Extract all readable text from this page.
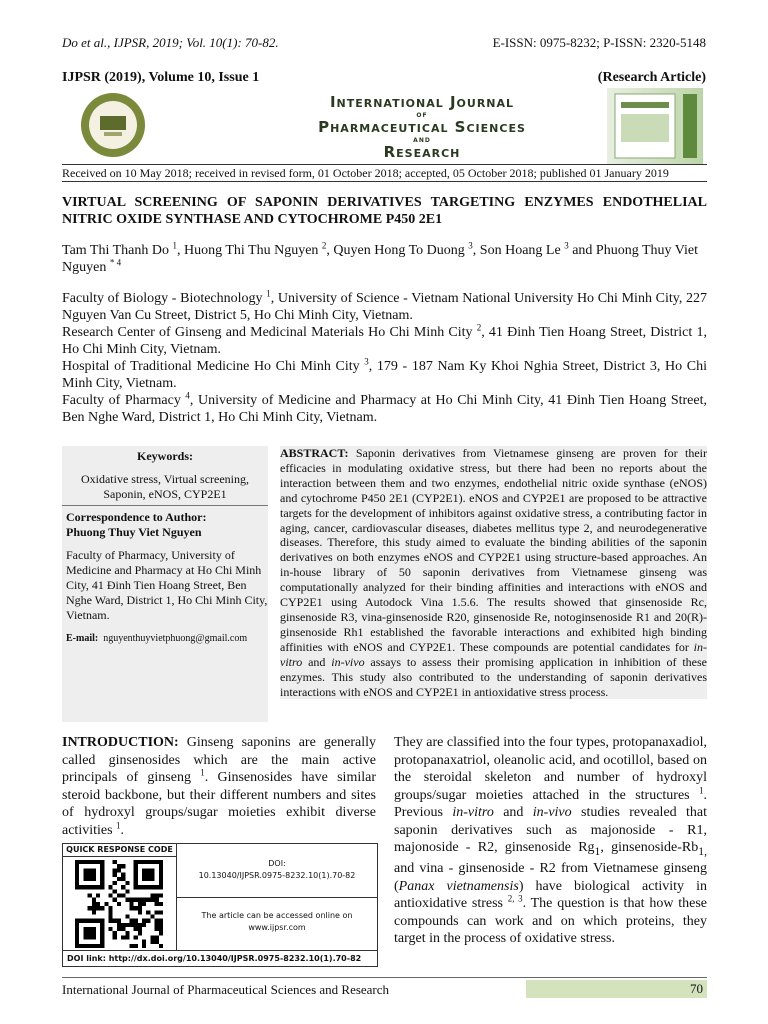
Do et al., IJPSR, 2019; Vol. 10(1): 70-82.	E-ISSN: 0975-8232; P-ISSN: 2320-5148
IJPSR (2019), Volume 10, Issue 1	(Research Article)
International Journal
of
Pharmaceutical Sciences
and
Research
Received on 10 May 2018; received in revised form, 01 October 2018; accepted, 05 October 2018; published 01 January 2019
VIRTUAL SCREENING OF SAPONIN DERIVATIVES TARGETING ENZYMES ENDOTHELIAL NITRIC OXIDE SYNTHASE AND CYTOCHROME P450 2E1
Tam Thi Thanh Do $^1$, Huong Thi Thu Nguyen $^2$, Quyen Hong To Duong $^3$, Son Hoang Le $^3$ and Phuong Thuy Viet Nguyen $^{* 4}$

Faculty of Biology - Biotechnology $^1$, University of Science - Vietnam National University Ho Chi Minh City, 227 Nguyen Van Cu Street, District 5, Ho Chi Minh City, Vietnam.

Research Center of Ginseng and Medicinal Materials Ho Chi Minh City $^2$, 41 Đinh Tien Hoang Street, District 1, Ho Chi Minh City, Vietnam.

Hospital of Traditional Medicine Ho Chi Minh City $^3$, 179 - 187 Nam Ky Khoi Nghia Street, District 3, Ho Chi Minh City, Vietnam.

Faculty of Pharmacy $^4$, University of Medicine and Pharmacy at Ho Chi Minh City, 41 Đinh Tien Hoang Street, Ben Nghe Ward, District 1, Ho Chi Minh City, Vietnam.

Keywords:
Oxidative stress, Virtual screening, Saponin, eNOS, CYP2E1
Correspondence to Author:
Phuong Thuy Viet Nguyen
Faculty of Pharmacy, University of Medicine and Pharmacy at Ho Chi Minh City, 41 Đinh Tien Hoang Street, Ben Nghe Ward, District 1, Ho Chi Minh City, Vietnam.
E-mail: nguyenthuyvietphuong@gmail.com
ABSTRACT: Saponin derivatives from Vietnamese ginseng are proven for their efficacies in modulating oxidative stress, but there had been no reports about the interaction between them and two enzymes, endothelial nitric oxide synthase (eNOS) and cytochrome P450 2E1 (CYP2E1). eNOS and CYP2E1 are proposed to be attractive targets for the development of inhibitors against oxidative stress, a contributing factor in aging, cancer, cardiovascular diseases, diabetes mellitus type 2, and neurodegenerative diseases. Therefore, this study aimed to evaluate the binding abilities of the saponin derivatives on both enzymes eNOS and CYP2E1 using structure-based approaches. An in-house library of 50 saponin derivatives from Vietnamese ginseng was computationally analyzed for their binding affinities and interactions with eNOS and CYP2E1 using Autodock Vina 1.5.6. The results showed that ginsenoside Rc, ginsenoside R3, vina-ginsenoside R20, ginsenoside Re, notoginsenoside R1 and 20(R)-ginsenoside Rh1 established the favorable interactions and exhibited high binding affinities with eNOS and CYP2E1. These compounds are potential candidates for in-vitro and in-vivo assays to assess their promising application in inhibition of these enzymes. This study also contributed to the understanding of saponin derivatives interactions with eNOS and CYP2E1 in antioxidative stress process.
INTRODUCTION: Ginseng saponins are generally called ginsenosides which are the main active principals of ginseng $^1$. Ginsenosides have similar steroid backbone, but their different numbers and sites of hydroxyl groups/sugar moieties exhibit diverse activities $^1$.
QUICK RESPONSE CODE
DOI:
10.13040/IJPSR.0975-8232.10(1).70-82
The article can be accessed online on
www.ijpsr.com
DOI link: http://dx.doi.org/10.13040/IJPSR.0975-8232.10(1).70-82
They are classified into the four types, protopanaxadiol, protopanaxatriol, oleanolic acid, and ocotillol, based on the steroidal skeleton and number of hydroxyl groups/sugar moieties attached in the structures $^1$. Previous in-vitro and in-vivo studies revealed that saponin derivatives such as majonoside - R1, majonoside - R2, ginsenoside $Rg_1$, ginsenoside-$Rb_{1,}$ and vina - ginsenoside - R2 from Vietnamese ginseng (Panax vietnamensis) have biological activity in antioxidative stress $^{2, 3}$. The question is that how these compounds can work and on which proteins, they target in the process of oxidative stress.
International Journal of Pharmaceutical Sciences and Research	70
